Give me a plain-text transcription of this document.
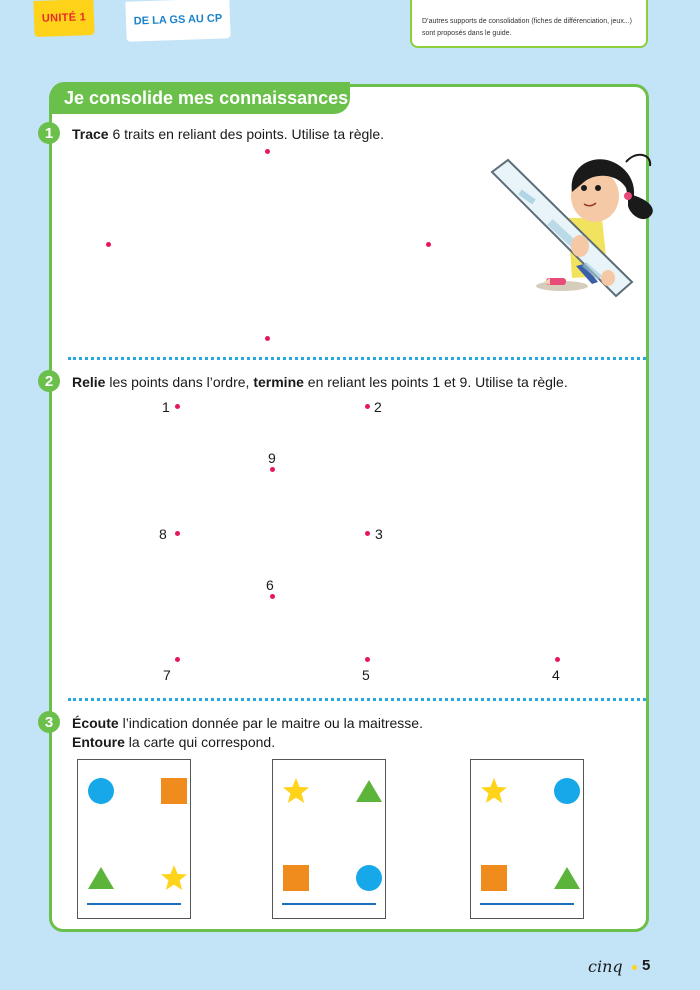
UNITÉ 1	DE LA GS AU CP	D’autres supports de consolidation (fiches de différenciation, jeux...)
sont proposés dans le guide.
Je consolide mes connaissances
1	Trace 6 traits en reliant des points. Utilise ta règle.
2	Relie les points dans l’ordre, termine en reliant les points 1 et 9. Utilise ta règle.
1	2
9
8	3
6
7	5	4
3	Écoute l’indication donnée par le maitre ou la maitresse.
Entoure la carte qui correspond.
cinq 5
